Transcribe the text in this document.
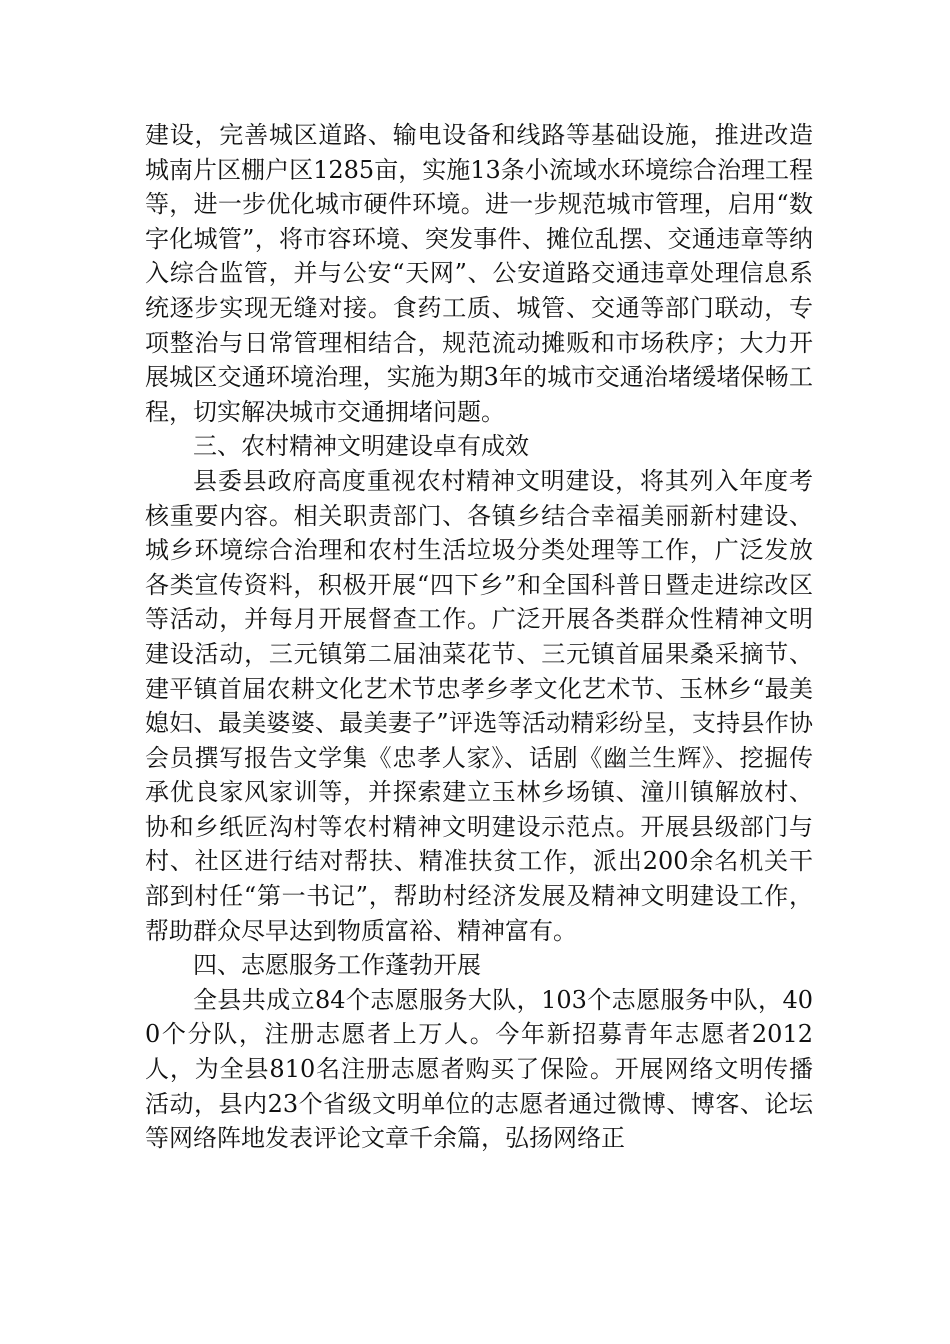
建设，完善城区道路、输电设备和线路等基础设施，推进改造城南片区棚户区1285亩，实施13条小流域水环境综合治理工程等，进一步优化城市硬件环境。进一步规范城市管理，启用“数字化城管”，将市容环境、突发事件、摊位乱摆、交通违章等纳入综合监管，并与公安“天网”、公安道路交通违章处理信息系统逐步实现无缝对接。食药工质、城管、交通等部门联动，专项整治与日常管理相结合，规范流动摊贩和市场秩序；大力开展城区交通环境治理，实施为期3年的城市交通治堵缓堵保畅工程，切实解决城市交通拥堵问题。

三、农村精神文明建设卓有成效

县委县政府高度重视农村精神文明建设，将其列入年度考核重要内容。相关职责部门、各镇乡结合幸福美丽新村建设、城乡环境综合治理和农村生活垃圾分类处理等工作，广泛发放各类宣传资料，积极开展“四下乡”和全国科普日暨走进综改区等活动，并每月开展督查工作。广泛开展各类群众性精神文明建设活动，三元镇第二届油菜花节、三元镇首届果桑采摘节、建平镇首届农耕文化艺术节忠孝乡孝文化艺术节、玉林乡“最美媳妇、最美婆婆、最美妻子”评选等活动精彩纷呈，支持县作协会员撰写报告文学集《忠孝人家》、话剧《幽兰生辉》、挖掘传承优良家风家训等，并探索建立玉林乡场镇、潼川镇解放村、协和乡纸匠沟村等农村精神文明建设示范点。开展县级部门与村、社区进行结对帮扶、精准扶贫工作，派出200余名机关干部到村任“第一书记”，帮助村经济发展及精神文明建设工作，帮助群众尽早达到物质富裕、精神富有。

四、志愿服务工作蓬勃开展

全县共成立84个志愿服务大队，103个志愿服务中队，400个分队，注册志愿者上万人。今年新招募青年志愿者2012人，为全县810名注册志愿者购买了保险。开展网络文明传播活动，县内23个省级文明单位的志愿者通过微博、博客、论坛等网络阵地发表评论文章千余篇，弘扬网络正
